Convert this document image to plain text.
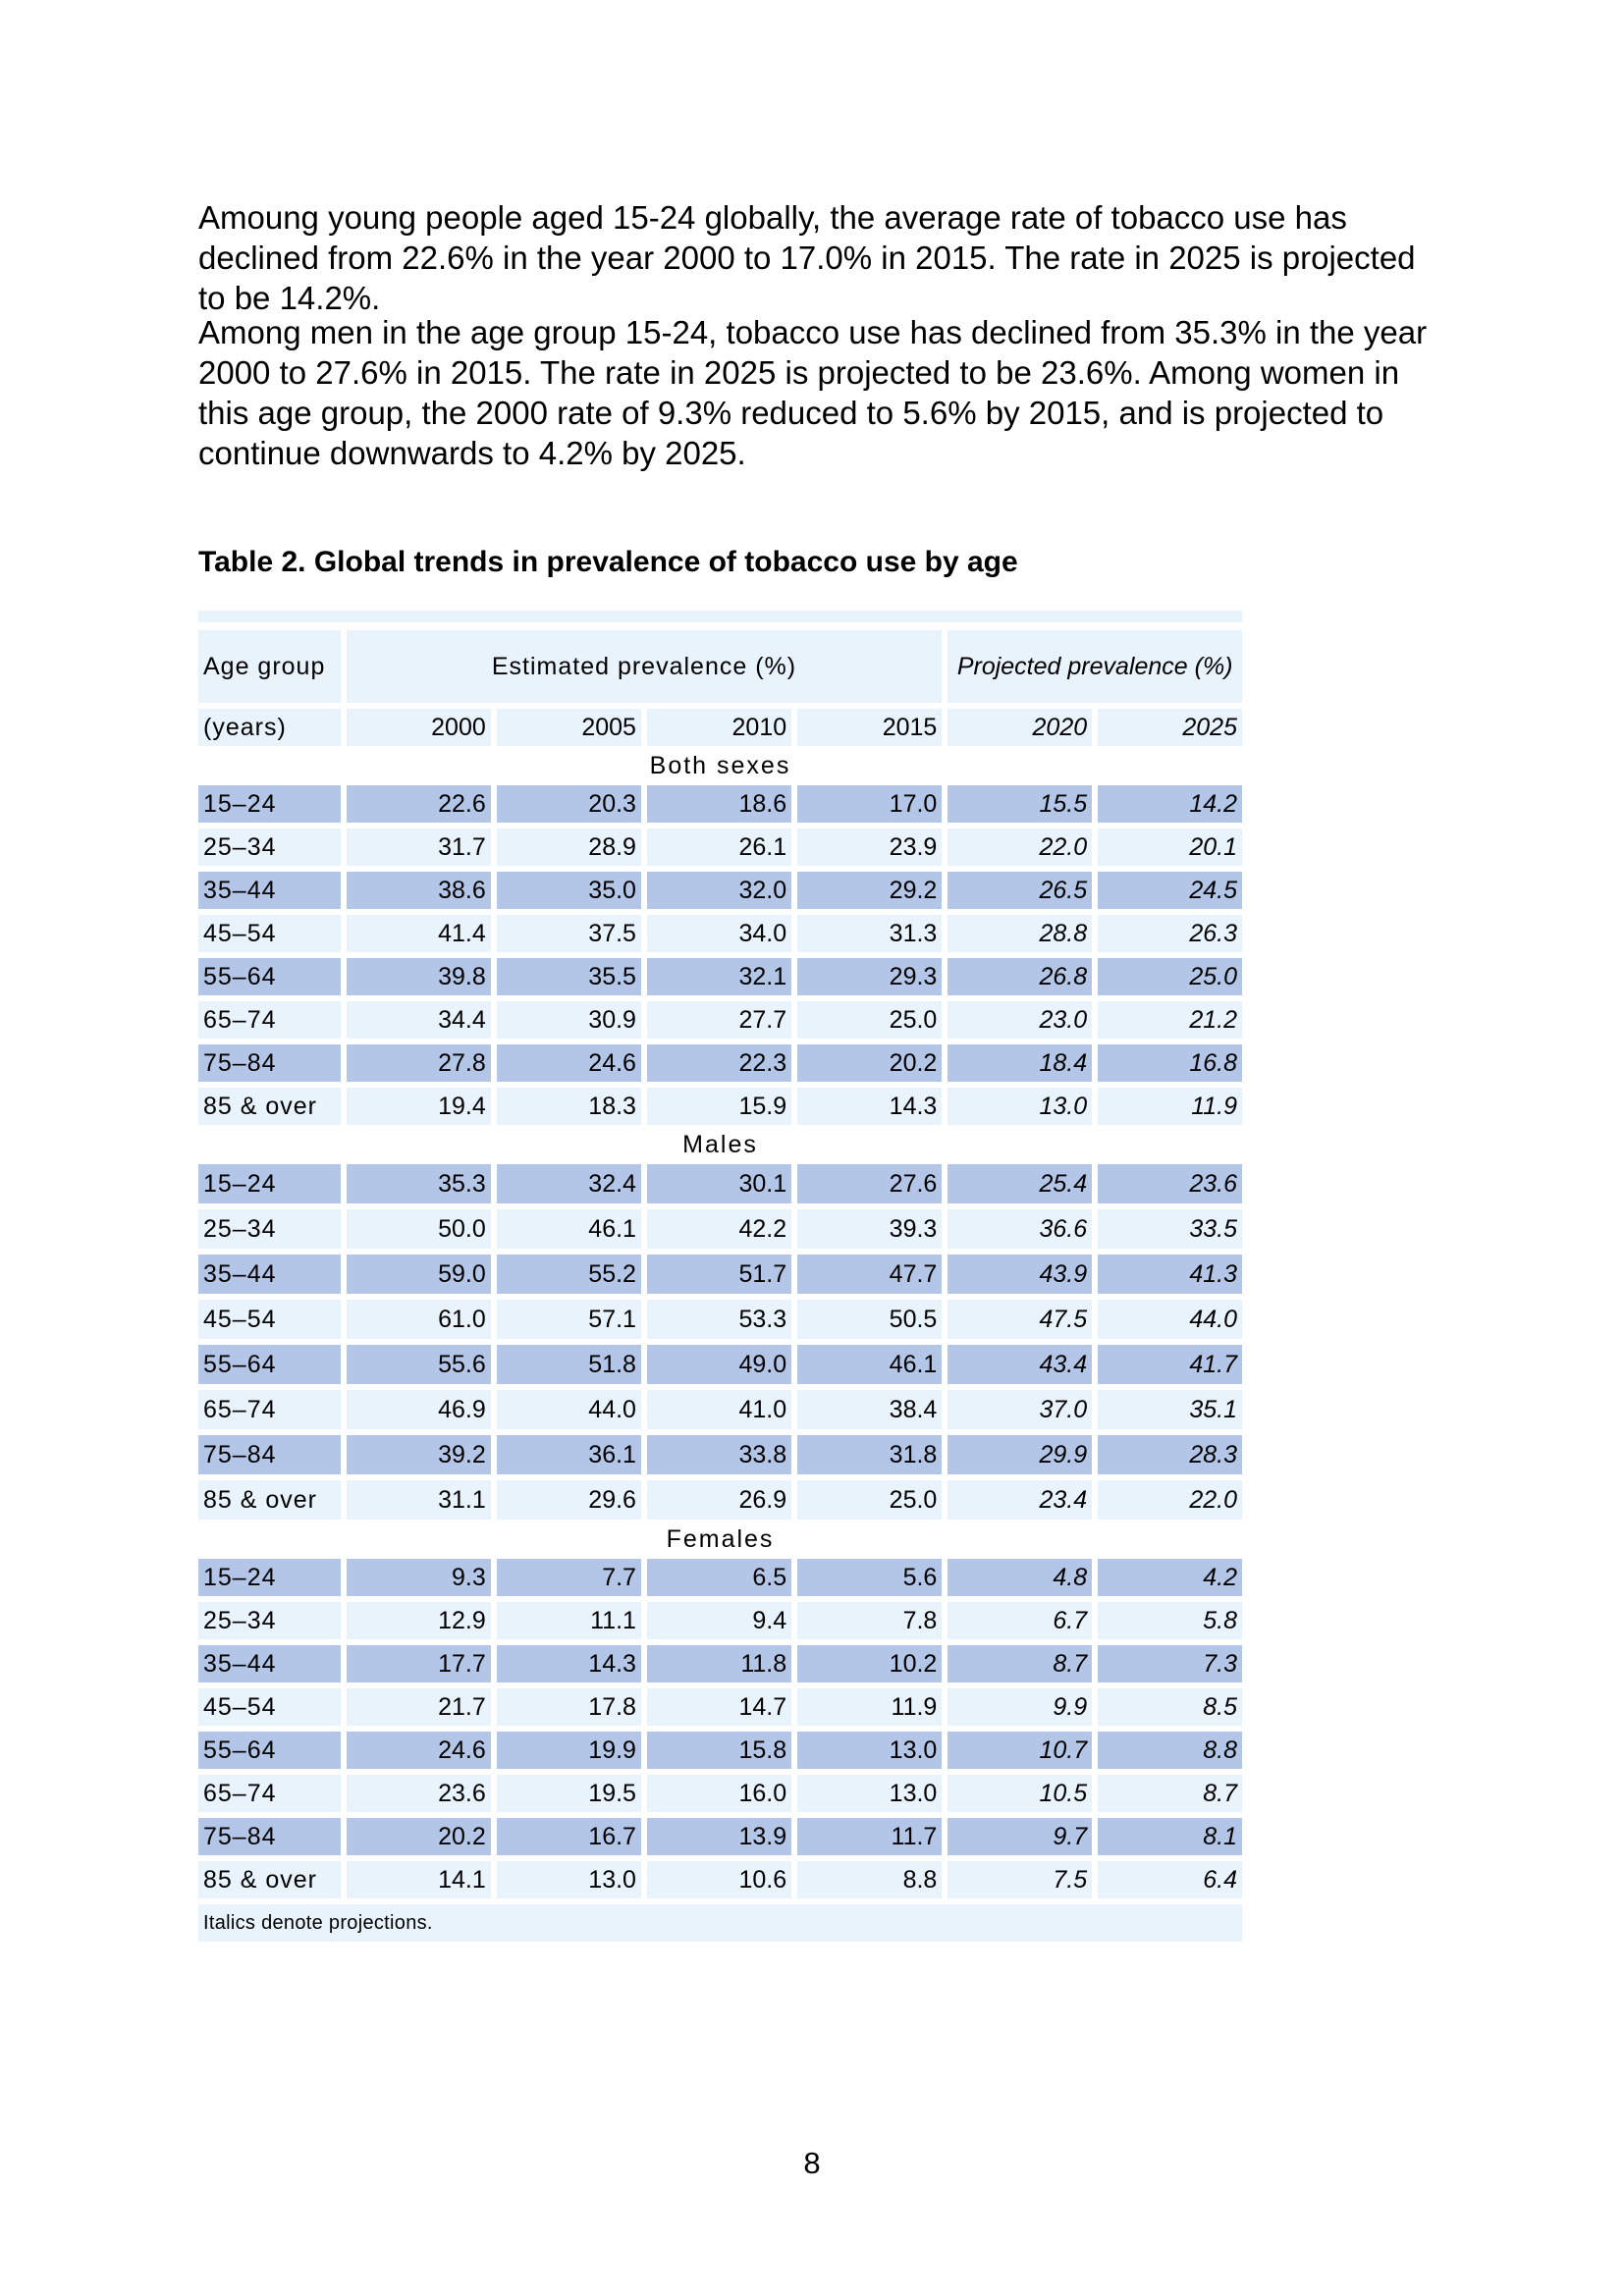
Amoung young people aged 15-24 globally, the average rate of tobacco use has declined from 22.6% in the year 2000 to 17.0% in 2015. The rate in 2025 is projected to be 14.2%.

Among men in the age group 15-24, tobacco use has declined from 35.3% in the year 2000 to 27.6% in 2015. The rate in 2025 is projected to be 23.6%. Among women in this age group, the 2000 rate of 9.3% reduced to 5.6% by 2015, and is projected to continue downwards to 4.2% by 2025.

Table 2. Global trends in prevalence of tobacco use by age

Age group	Estimated prevalence (%)				Projected prevalence (%)	

(years)	2000	2005	2010	2015	2020	2025
Both sexes						
15–24	22.6	20.3	18.6	17.0	15.5	14.2

25–34	31.7	28.9	26.1	23.9	22.0	20.1

35–44	38.6	35.0	32.0	29.2	26.5	24.5

45–54	41.4	37.5	34.0	31.3	28.8	26.3

55–64	39.8	35.5	32.1	29.3	26.8	25.0

65–74	34.4	30.9	27.7	25.0	23.0	21.2

75–84	27.8	24.6	22.3	20.2	18.4	16.8

85 & over	19.4	18.3	15.9	14.3	13.0	11.9
Males						
15–24	35.3	32.4	30.1	27.6	25.4	23.6

25–34	50.0	46.1	42.2	39.3	36.6	33.5

35–44	59.0	55.2	51.7	47.7	43.9	41.3

45–54	61.0	57.1	53.3	50.5	47.5	44.0

55–64	55.6	51.8	49.0	46.1	43.4	41.7

65–74	46.9	44.0	41.0	38.4	37.0	35.1

75–84	39.2	36.1	33.8	31.8	29.9	28.3

85 & over	31.1	29.6	26.9	25.0	23.4	22.0
Females						
15–24	9.3	7.7	6.5	5.6	4.8	4.2

25–34	12.9	11.1	9.4	7.8	6.7	5.8

35–44	17.7	14.3	11.8	10.2	8.7	7.3

45–54	21.7	17.8	14.7	11.9	9.9	8.5

55–64	24.6	19.9	15.8	13.0	10.7	8.8

65–74	23.6	19.5	16.0	13.0	10.5	8.7

75–84	20.2	16.7	13.9	11.7	9.7	8.1

85 & over	14.1	13.0	10.6	8.8	7.5	6.4

Italics denote projections.						
8
